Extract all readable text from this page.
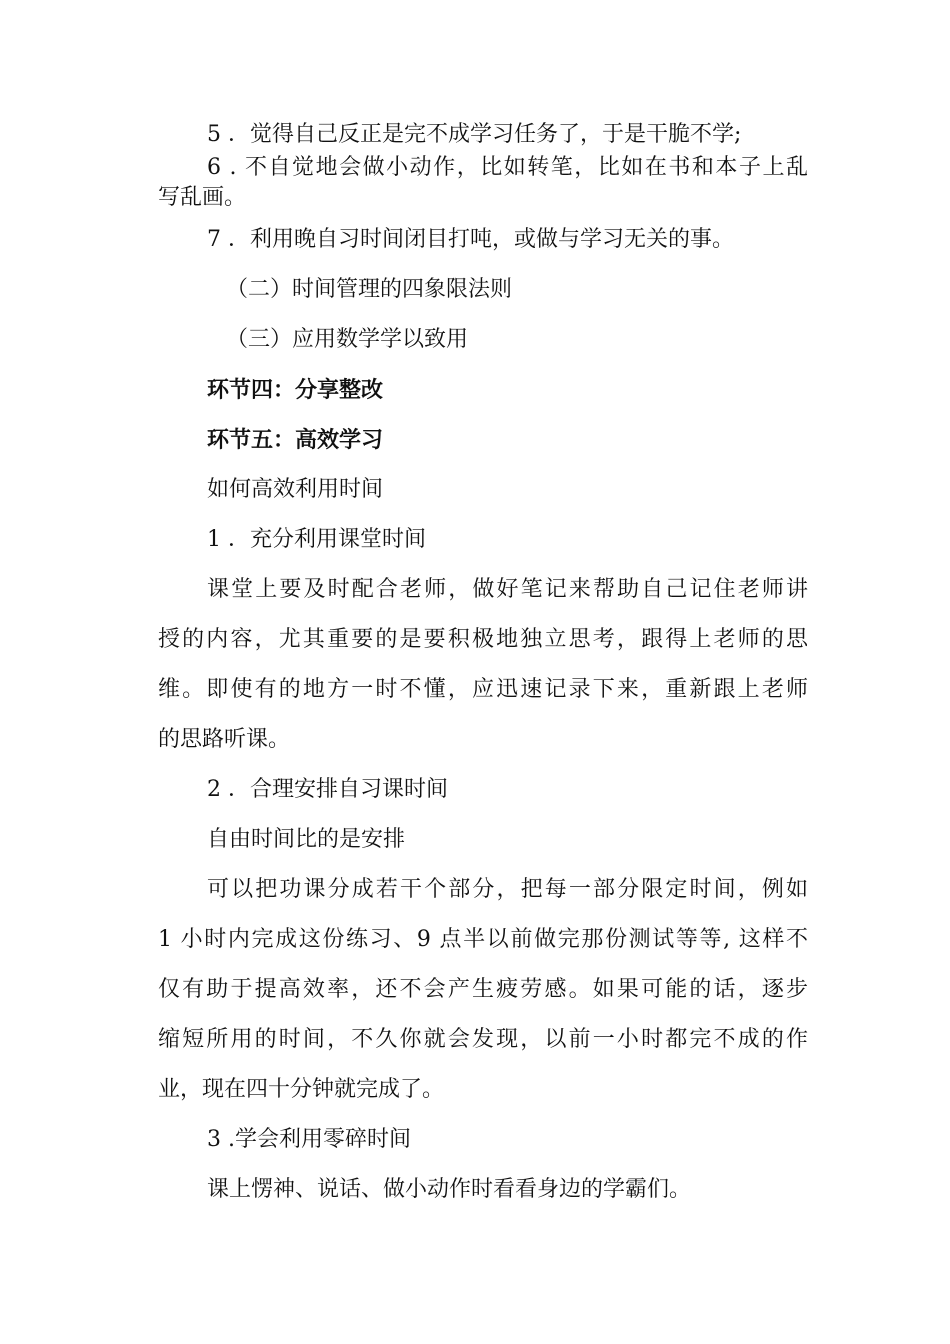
5 ．觉得自己反正是完不成学习任务了，于是干脆不学;
6 . 不自觉地会做小动作，比如转笔，比如在书和本子上乱
写乱画。
7 ．利用晚自习时间闭目打吨，或做与学习无关的事。
（二）时间管理的四象限法则
（三）应用数学学以致用
环节四：分享整改
环节五：高效学习
如何高效利用时间
1 ．充分利用课堂时间
课堂上要及时配合老师，做好笔记来帮助自己记住老师讲
授的内容，尤其重要的是要积极地独立思考，跟得上老师的思
维。即使有的地方一时不懂，应迅速记录下来，重新跟上老师
的思路听课。
2 ．合理安排自习课时间
自由时间比的是安排
可以把功课分成若干个部分，把每一部分限定时间，例如
1 小时内完成这份练习、9 点半以前做完那份测试等等, 这样不
仅有助于提高效率，还不会产生疲劳感。如果可能的话，逐步
缩短所用的时间，不久你就会发现，以前一小时都完不成的作
业，现在四十分钟就完成了。
3 .学会利用零碎时间
课上愣神、说话、做小动作时看看身边的学霸们。
